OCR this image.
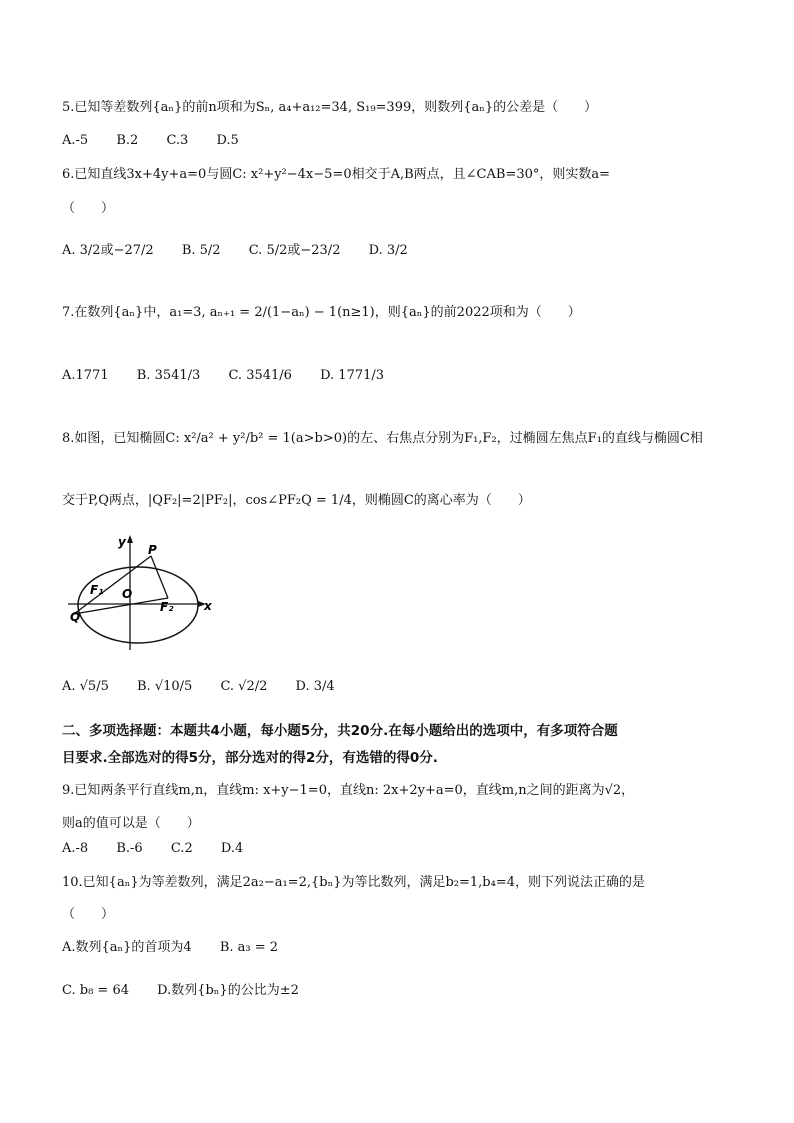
5.已知等差数列{aₙ}的前n项和为Sₙ, a₄+a₁₂=34, S₁₉=399，则数列{aₙ}的公差是（　　）
A.-5 B.2 C.3 D.5
6.已知直线3x+4y+a=0与圆C: x²+y²−4x−5=0相交于A,B两点，且∠CAB=30°，则实数a=
（　　）
A. 3/2或−27/2 B. 5/2 C. 5/2或−23/2 D. 3/2
7.在数列{aₙ}中，a₁=3, aₙ₊₁ = 2/(1−aₙ) − 1(n≥1)，则{aₙ}的前2022项和为（　　）
A.1771 B. 3541/3 C. 3541/6 D. 1771/3
8.如图，已知椭圆C: x²/a² + y²/b² = 1(a>b>0)的左、右焦点分别为F₁,F₂，过椭圆左焦点F₁的直线与椭圆C相
交于P,Q两点，|QF₂|=2|PF₂|，cos∠PF₂Q = 1/4，则椭圆C的离心率为（　　）
y
x
P
Q
O
F₁
F₂
A. √5/5 B. √10/5 C. √2/2 D. 3/4
二、多项选择题：本题共4小题，每小题5分，共20分.在每小题给出的选项中，有多项符合题
目要求.全部选对的得5分，部分选对的得2分，有选错的得0分.
9.已知两条平行直线m,n，直线m: x+y−1=0，直线n: 2x+2y+a=0，直线m,n之间的距离为√2，
则a的值可以是（　　）
A.-8 B.-6 C.2 D.4
10.已知{aₙ}为等差数列，满足2a₂−a₁=2,{bₙ}为等比数列，满足b₂=1,b₄=4，则下列说法正确的是
（　　）
A.数列{aₙ}的首项为4 B. a₃ = 2
C. b₈ = 64 D.数列{bₙ}的公比为±2
